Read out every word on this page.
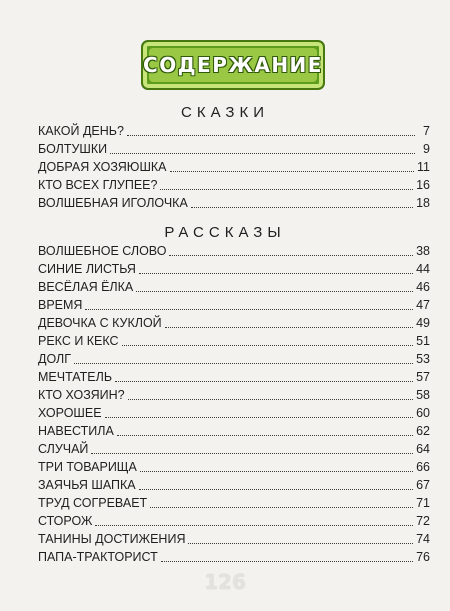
СОДЕРЖАНИЕ
СКАЗКИ
КАКОЙ ДЕНЬ?	7
БОЛТУШКИ	9
ДОБРАЯ ХОЗЯЮШКА	11
КТО ВСЕХ ГЛУПЕЕ?	16
ВОЛШЕБНАЯ ИГОЛОЧКА	18
РАССКАЗЫ
ВОЛШЕБНОЕ СЛОВО	38
СИНИЕ ЛИСТЬЯ	44
ВЕСЁЛАЯ ЁЛКА	46
ВРЕМЯ	47
ДЕВОЧКА С КУКЛОЙ	49
РЕКС И КЕКС	51
ДОЛГ	53
МЕЧТАТЕЛЬ	57
КТО ХОЗЯИН?	58
ХОРОШЕЕ	60
НАВЕСТИЛА	62
СЛУЧАЙ	64
ТРИ ТОВАРИЩА	66
ЗАЯЧЬЯ ШАПКА	67
ТРУД СОГРЕВАЕТ	71
СТОРОЖ	72
ТАНИНЫ ДОСТИЖЕНИЯ	74
ПАПА-ТРАКТОРИСТ	76
126
